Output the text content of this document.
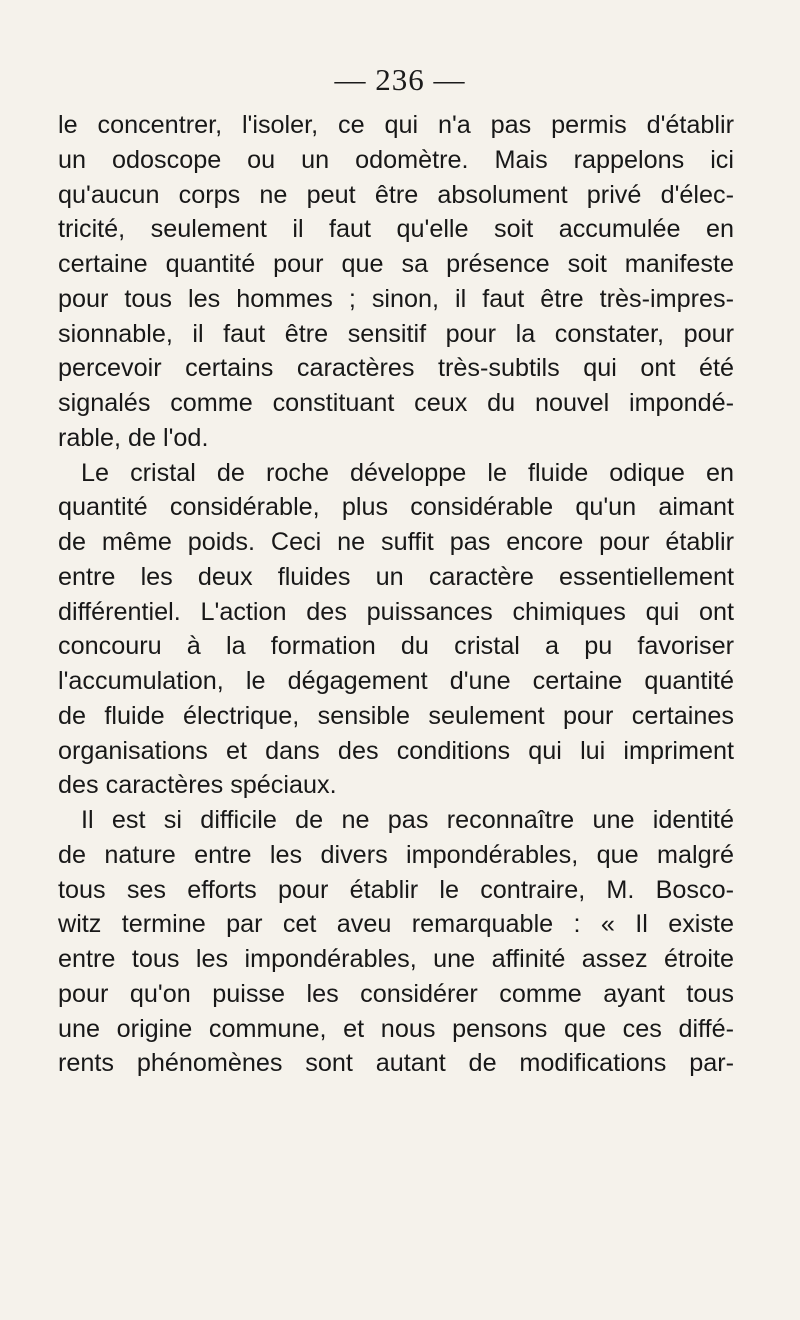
— 236 —
le concentrer, l'isoler, ce qui n'a pas permis d'établir
un odoscope ou un odomètre. Mais rappelons ici
qu'aucun corps ne peut être absolument privé d'élec-
tricité, seulement il faut qu'elle soit accumulée en
certaine quantité pour que sa présence soit manifeste
pour tous les hommes ; sinon, il faut être très-impres-
sionnable, il faut être sensitif pour la constater, pour
percevoir certains caractères très-subtils qui ont été
signalés comme constituant ceux du nouvel impondé-
rable, de l'od.
Le cristal de roche développe le fluide odique en
quantité considérable, plus considérable qu'un aimant
de même poids. Ceci ne suffit pas encore pour établir
entre les deux fluides un caractère essentiellement
différentiel. L'action des puissances chimiques qui ont
concouru à la formation du cristal a pu favoriser
l'accumulation, le dégagement d'une certaine quantité
de fluide électrique, sensible seulement pour certaines
organisations et dans des conditions qui lui impriment
des caractères spéciaux.
Il est si difficile de ne pas reconnaître une identité
de nature entre les divers impondérables, que malgré
tous ses efforts pour établir le contraire, M. Bosco-
witz termine par cet aveu remarquable : « Il existe
entre tous les impondérables, une affinité assez étroite
pour qu'on puisse les considérer comme ayant tous
une origine commune, et nous pensons que ces diffé-
rents phénomènes sont autant de modifications par-
